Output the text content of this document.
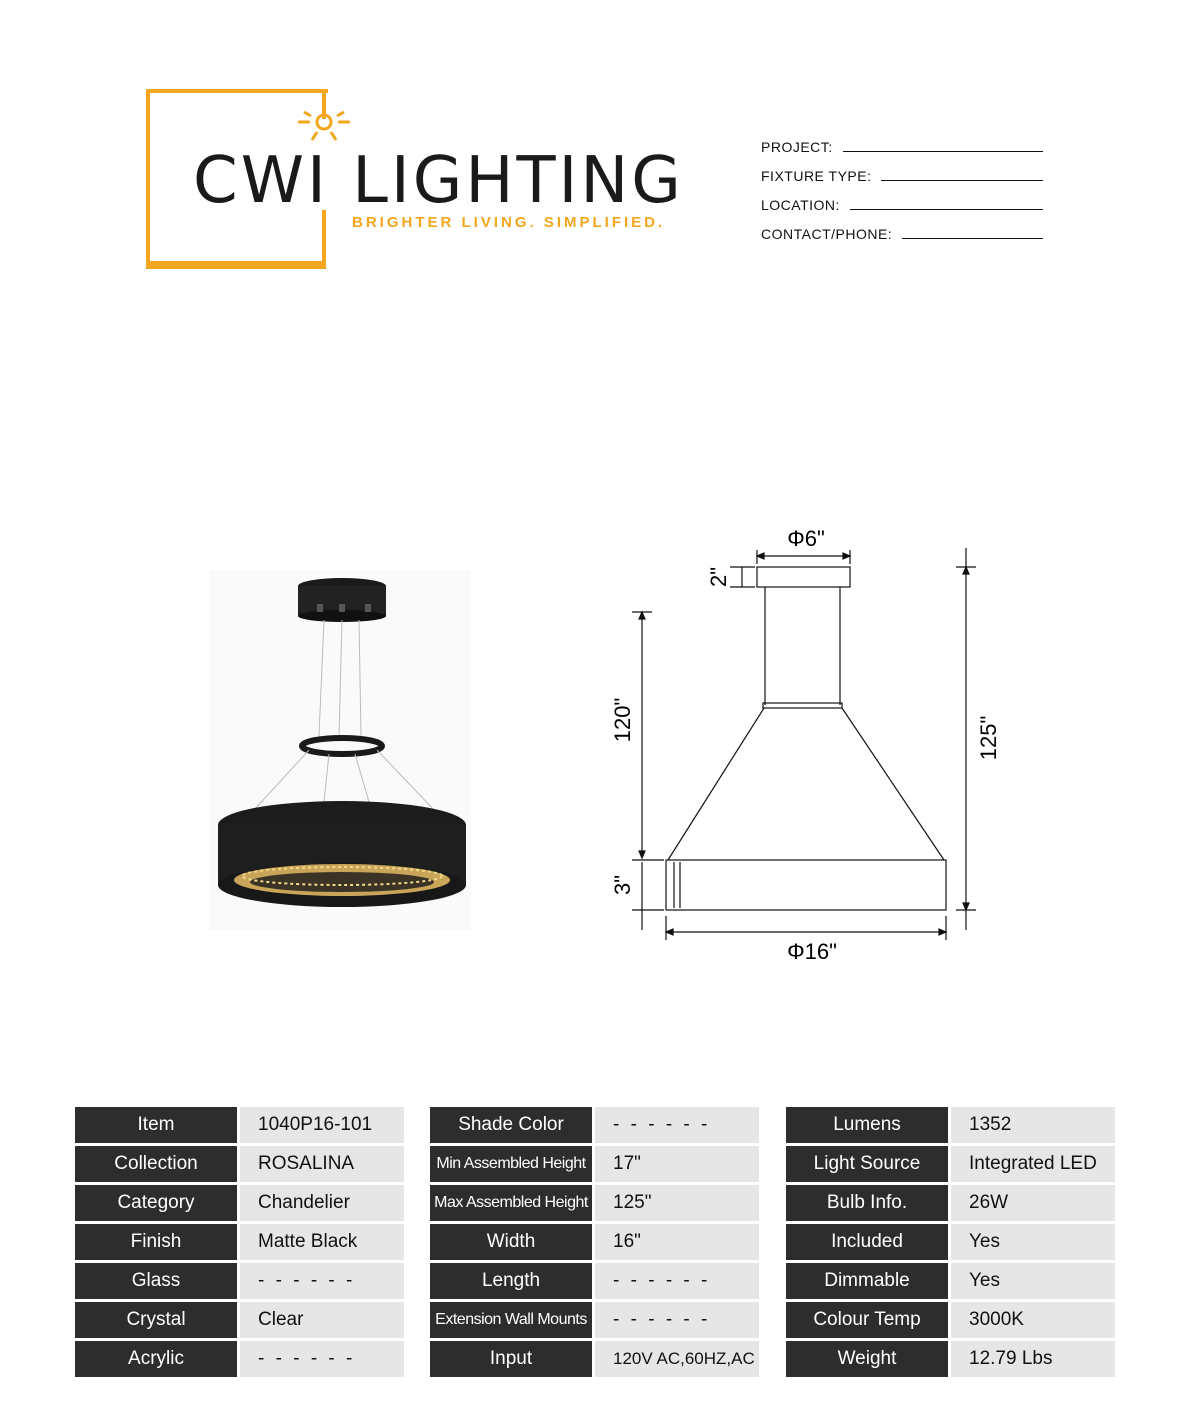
CWI LIGHTING
BRIGHTER LIVING. SIMPLIFIED.
PROJECT:
FIXTURE TYPE:
LOCATION:
CONTACT/PHONE:
Φ6"
2"
120"
3"
125"
Φ16"
Item	1040P16-101
Collection	ROSALINA
Category	Chandelier
Finish	Matte Black
Glass	- - - - - -
Crystal	Clear
Acrylic	- - - - - -
Shade Color	- - - - - -
Min Assembled Height	17"
Max Assembled Height	125"
Width	16"
Length	- - - - - -
Extension Wall Mounts	- - - - - -
Input	120V AC,60HZ,AC
Lumens	1352
Light Source	Integrated LED
Bulb Info.	26W
Included	Yes
Dimmable	Yes
Colour Temp	3000K
Weight	12.79 Lbs
